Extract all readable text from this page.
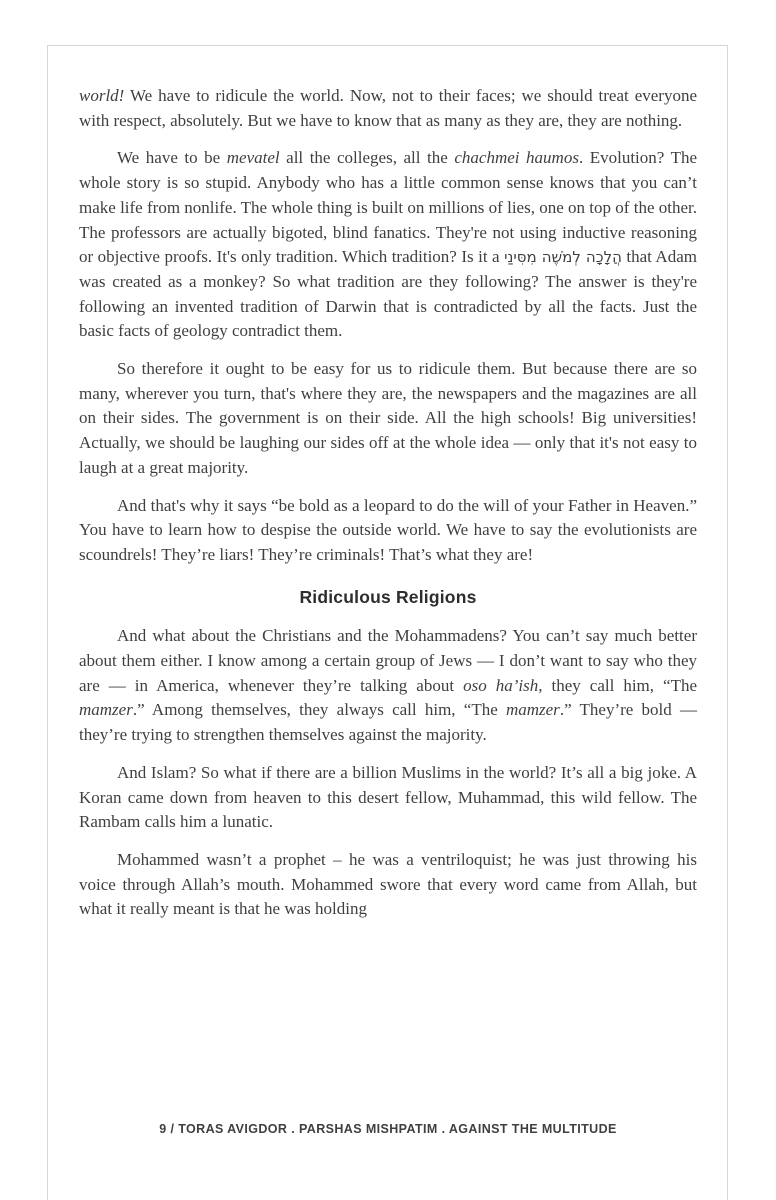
world! We have to ridicule the world. Now, not to their faces; we should treat everyone with respect, absolutely. But we have to know that as many as they are, they are nothing.

We have to be mevatel all the colleges, all the chachmei haumos. Evolution? The whole story is so stupid. Anybody who has a little common sense knows that you can’t make life from nonlife. The whole thing is built on millions of lies, one on top of the other. The professors are actually bigoted, blind fanatics. They're not using inductive reasoning or objective proofs. It's only tradition. Which tradition? Is it a הֲלָכָה לְמֹשֶׁה מִסִּינַי that Adam was created as a monkey? So what tradition are they following? The answer is they're following an invented tradition of Darwin that is contradicted by all the facts. Just the basic facts of geology contradict them.

So therefore it ought to be easy for us to ridicule them. But because there are so many, wherever you turn, that's where they are, the newspapers and the magazines are all on their sides. The government is on their side. All the high schools! Big universities! Actually, we should be laughing our sides off at the whole idea — only that it's not easy to laugh at a great majority.

And that's why it says “be bold as a leopard to do the will of your Father in Heaven.” You have to learn how to despise the outside world. We have to say the evolutionists are scoundrels! They’re liars! They’re criminals! That’s what they are!

Ridiculous Religions

And what about the Christians and the Mohammadens? You can’t say much better about them either. I know among a certain group of Jews — I don’t want to say who they are — in America, whenever they’re talking about oso ha’ish, they call him, “The mamzer.” Among themselves, they always call him, “The mamzer.” They’re bold — they’re trying to strengthen themselves against the majority.

And Islam? So what if there are a billion Muslims in the world? It’s all a big joke. A Koran came down from heaven to this desert fellow, Muhammad, this wild fellow. The Rambam calls him a lunatic.

Mohammed wasn’t a prophet – he was a ventriloquist; he was just throwing his voice through Allah’s mouth. Mohammed swore that every word came from Allah, but what it really meant is that he was holding

9 / TORAS AVIGDOR . PARSHAS MISHPATIM . AGAINST THE MULTITUDE
